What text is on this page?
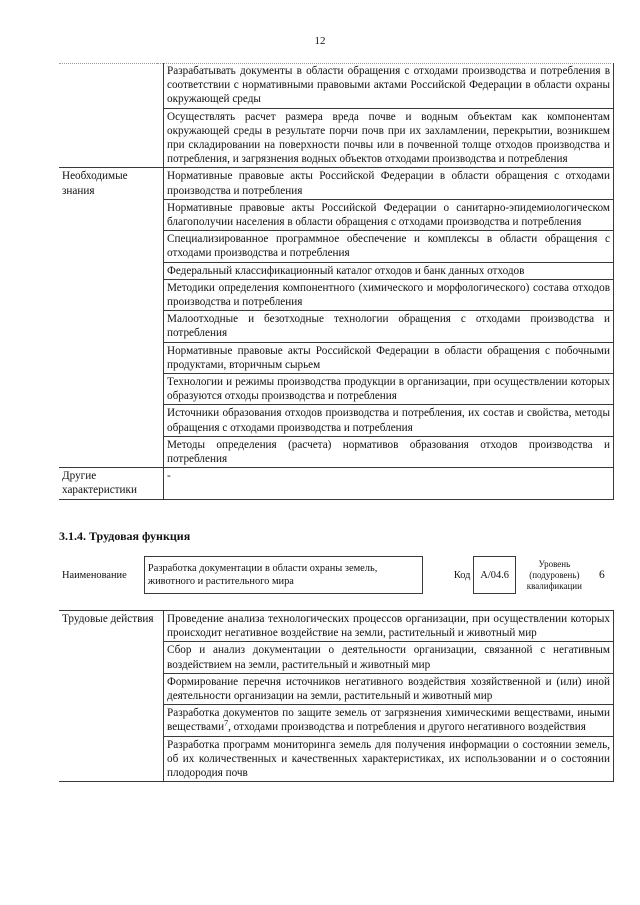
12
	Разрабатывать документы в области обращения с отходами производства и потребления в соответствии с нормативными правовыми актами Российской Федерации в области охраны окружающей среды
	Осуществлять расчет размера вреда почве и водным объектам как компонентам окружающей среды в результате порчи почв при их захламлении, перекрытии, возникшем при складировании на поверхности почвы или в почвенной толще отходов производства и потребления, и загрязнения водных объектов отходами производства и потребления
Необходимые знания	Нормативные правовые акты Российской Федерации в области обращения с отходами производства и потребления
	Нормативные правовые акты Российской Федерации о санитарно-эпидемиологическом благополучии населения в области обращения с отходами производства и потребления
	Специализированное программное обеспечение и комплексы в области обращения с отходами производства и потребления
	Федеральный классификационный каталог отходов и банк данных отходов
	Методики определения компонентного (химического и морфологического) состава отходов производства и потребления
	Малоотходные и безотходные технологии обращения с отходами производства и потребления
	Нормативные правовые акты Российской Федерации в области обращения с побочными продуктами, вторичным сырьем
	Технологии и режимы производства продукции в организации, при осуществлении которых образуются отходы производства и потребления
	Источники образования отходов производства и потребления, их состав и свойства, методы обращения с отходами производства и потребления
	Методы определения (расчета) нормативов образования отходов производства и потребления
Другие характеристики	-
3.1.4. Трудовая функция
Наименование	Разработка документации в области охраны земель, животного и растительного мира		Код	A/04.6	Уровень (подуровень) квалификации	6
Трудовые действия	Проведение анализа технологических процессов организации, при осуществлении которых происходит негативное воздействие на земли, растительный и животный мир
Сбор и анализ документации о деятельности организации, связанной с негативным воздействием на земли, растительный и животный мир
Формирование перечня источников негативного воздействия хозяйственной и (или) иной деятельности организации на земли, растительный и животный мир
Разработка документов по защите земель от загрязнения химическими веществами, иными веществами$^7$, отходами производства и потребления и другого негативного воздействия
Разработка программ мониторинга земель для получения информации о состоянии земель, об их количественных и качественных характеристиках, их использовании и о состоянии плодородия почв
